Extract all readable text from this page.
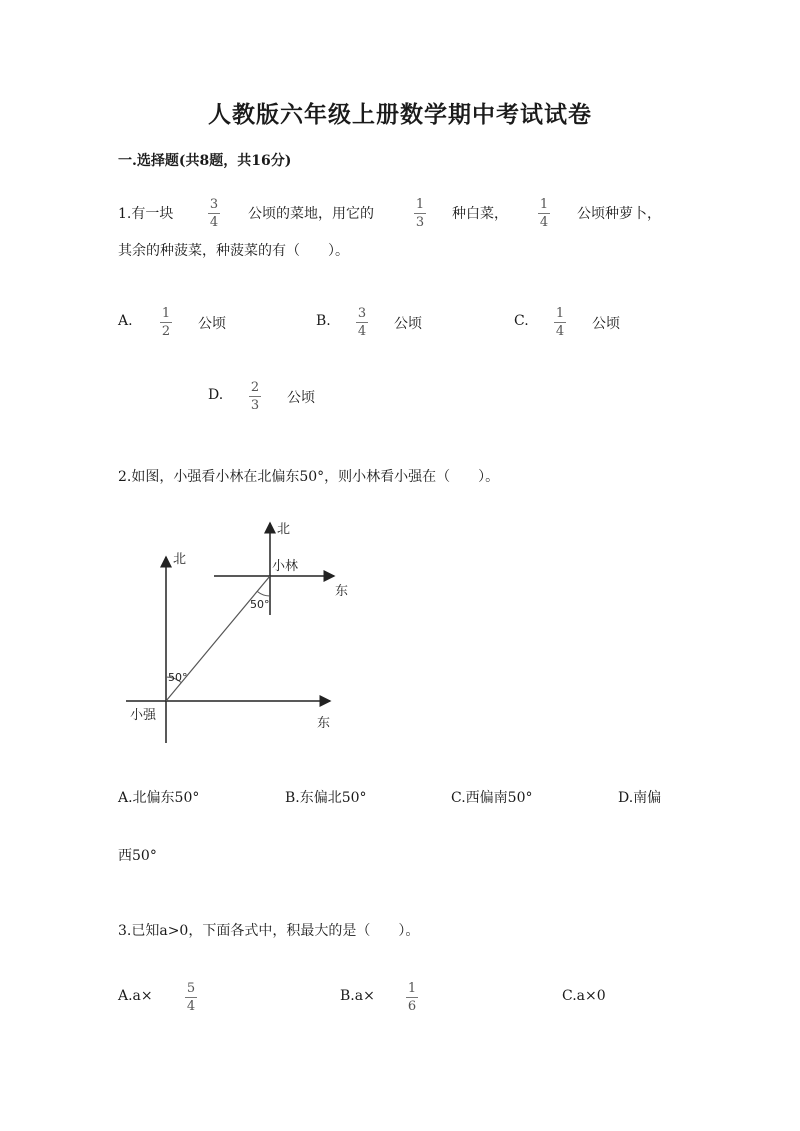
人教版六年级上册数学期中考试试卷
一.选择题(共8题，共16分)
1.有一块
3
4
公顷的菜地，用它的
1
3
种白菜，
1
4
公顷种萝卜，
其余的种菠菜，种菠菜的有（　　）。
A. 1
2 公顷	B. 3
4 公顷	C. 1
4 公顷
D. 2
3 公顷
2.如图，小强看小林在北偏东50°，则小林看小强在（　　）。
北
北
东
东
小林
小强
50°
50°
A.北偏东50°	B.东偏北50°	C.西偏南50°	D.南偏
西50°
3.已知a>0，下面各式中，积最大的是（　　）。
A.a×	5
4
B.a×	1
6
C.a×0
